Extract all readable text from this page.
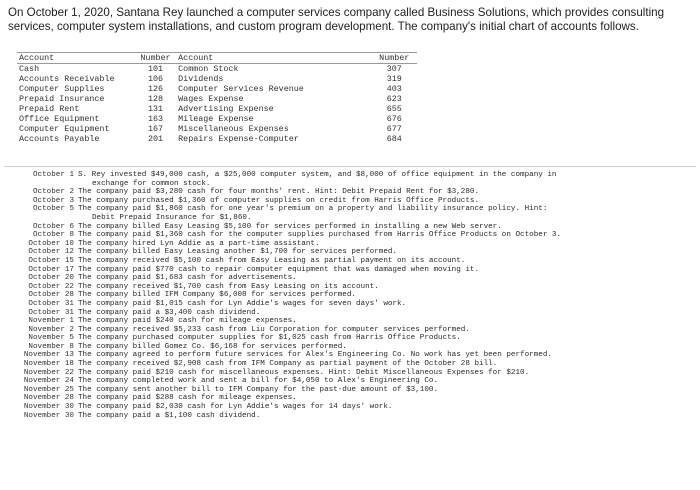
On October 1, 2020, Santana Rey launched a computer services company called Business Solutions, which provides consulting services, computer system installations, and custom program development. The company's initial chart of accounts follows.
Account	Number	Account	Number
Cash	101	Common Stock	307
Accounts Receivable	106	Dividends	319
Computer Supplies	126	Computer Services Revenue	403
Prepaid Insurance	128	Wages Expense	623
Prepaid Rent	131	Advertising Expense	655
Office Equipment	163	Mileage Expense	676
Computer Equipment	167	Miscellaneous Expenses	677
Accounts Payable	201	Repairs Expense-Computer	684
October 1 S. Rey invested $49,000 cash, a $25,000 computer system, and $8,000 of office equipment in the company in
exchange for common stock.
October 2 The company paid $3,280 cash for four months' rent. Hint: Debit Prepaid Rent for $3,280.
October 3 The company purchased $1,360 of computer supplies on credit from Harris Office Products.
October 5 The company paid $1,860 cash for one year's premium on a property and liability insurance policy. Hint:
Debit Prepaid Insurance for $1,860.
October 6 The company billed Easy Leasing $5,100 for services performed in installing a new Web server.
October 8 The company paid $1,360 cash for the computer supplies purchased from Harris Office Products on October 3.
October 10 The company hired Lyn Addie as a part-time assistant.
October 12 The company billed Easy Leasing another $1,700 for services performed.
October 15 The company received $5,100 cash from Easy Leasing as partial payment on its account.
October 17 The company paid $770 cash to repair computer equipment that was damaged when moving it.
October 20 The company paid $1,683 cash for advertisements.
October 22 The company received $1,700 cash from Easy Leasing on its account.
October 28 The company billed IFM Company $6,008 for services performed.
October 31 The company paid $1,015 cash for Lyn Addie's wages for seven days' work.
October 31 The company paid a $3,400 cash dividend.
November 1 The company paid $240 cash for mileage expenses.
November 2 The company received $5,233 cash from Liu Corporation for computer services performed.
November 5 The company purchased computer supplies for $1,025 cash from Harris Office Products.
November 8 The company billed Gomez Co. $6,168 for services performed.
November 13 The company agreed to perform future services for Alex's Engineering Co. No work has yet been performed.
November 18 The company received $2,908 cash from IFM Company as partial payment of the October 28 bill.
November 22 The company paid $210 cash for miscellaneous expenses. Hint: Debit Miscellaneous Expenses for $210.
November 24 The company completed work and sent a bill for $4,050 to Alex's Engineering Co.
November 25 The company sent another bill to IFM Company for the past-due amount of $3,100.
November 28 The company paid $288 cash for mileage expenses.
November 30 The company paid $2,030 cash for Lyn Addie's wages for 14 days' work.
November 30 The company paid a $1,100 cash dividend.
